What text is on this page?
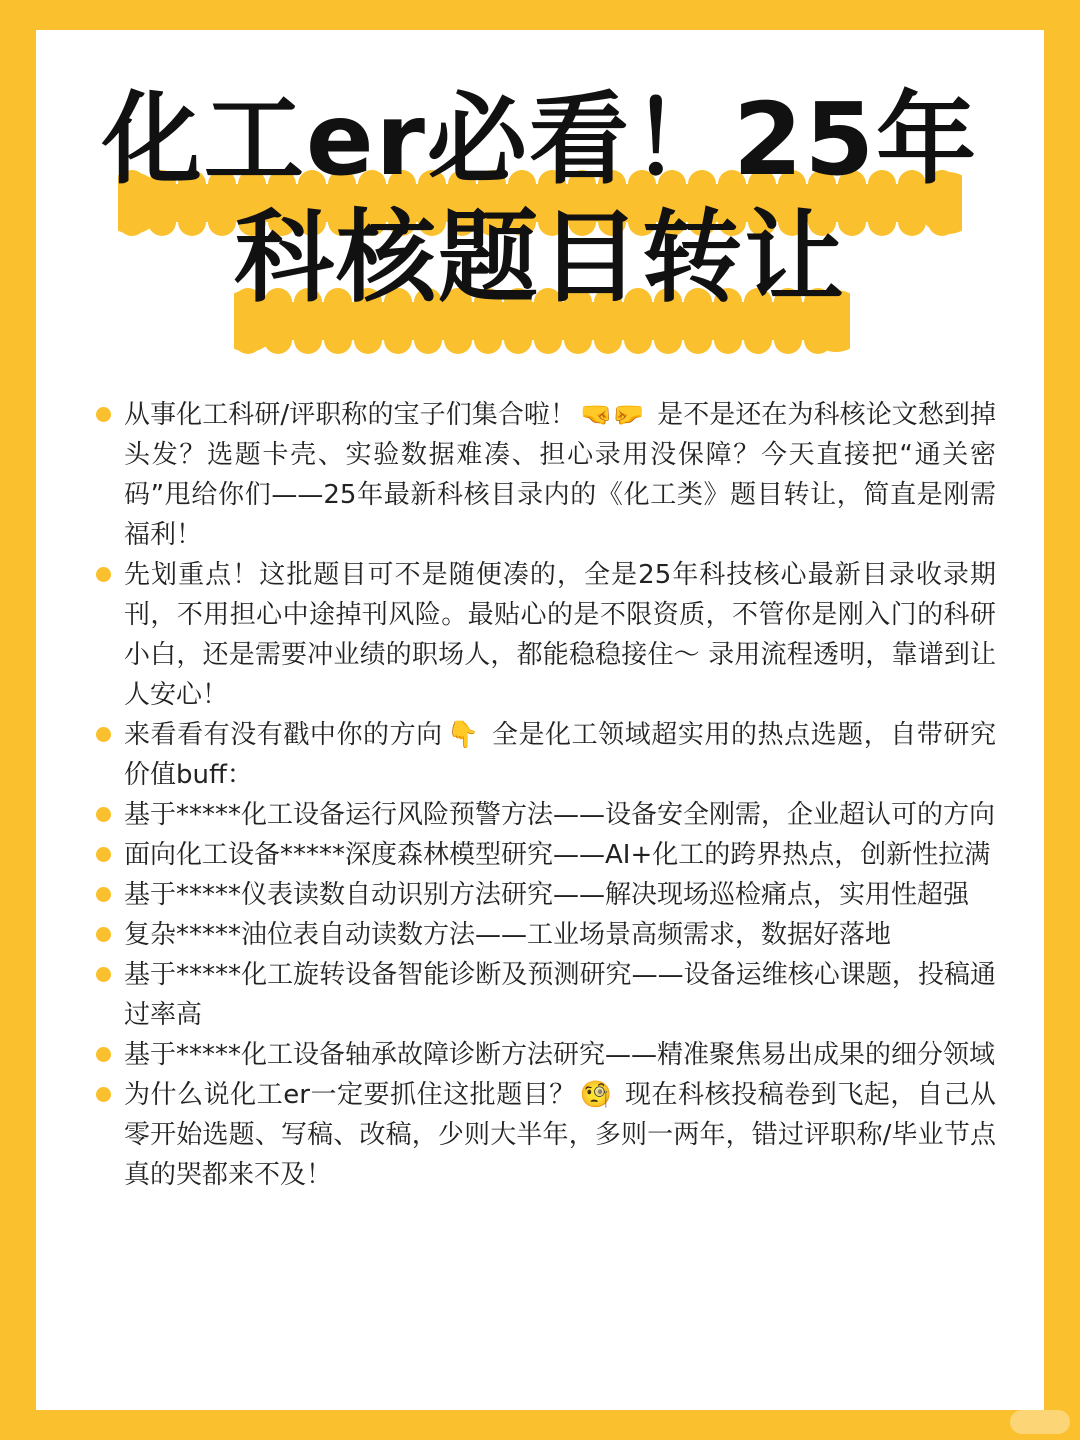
化工er必看！25年
科核题目转让
从事化工科研/评职称的宝子们集合啦！ 🤜🤛 是不是还在为科核论文愁到掉头发？选题卡壳、实验数据难凑、担心录用没保障？今天直接把“通关密码”甩给你们——25年最新科核目录内的《化工类》题目转让，简直是刚需福利！
先划重点！这批题目可不是随便凑的，全是25年科技核心最新目录收录期刊，不用担心中途掉刊风险。最贴心的是不限资质，不管你是刚入门的科研小白，还是需要冲业绩的职场人，都能稳稳接住～ 录用流程透明，靠谱到让人安心！
来看看有没有戳中你的方向 👇 全是化工领域超实用的热点选题，自带研究价值buff：
基于*****化工设备运行风险预警方法——设备安全刚需，企业超认可的方向
面向化工设备*****深度森林模型研究——AI+化工的跨界热点，创新性拉满
基于*****仪表读数自动识别方法研究——解决现场巡检痛点，实用性超强
复杂*****油位表自动读数方法——工业场景高频需求，数据好落地
基于*****化工旋转设备智能诊断及预测研究——设备运维核心课题，投稿通过率高
基于*****化工设备轴承故障诊断方法研究——精准聚焦易出成果的细分领域
为什么说化工er一定要抓住这批题目？ 🧐 现在科核投稿卷到飞起，自己从零开始选题、写稿、改稿，少则大半年，多则一两年，错过评职称/毕业节点真的哭都来不及！
